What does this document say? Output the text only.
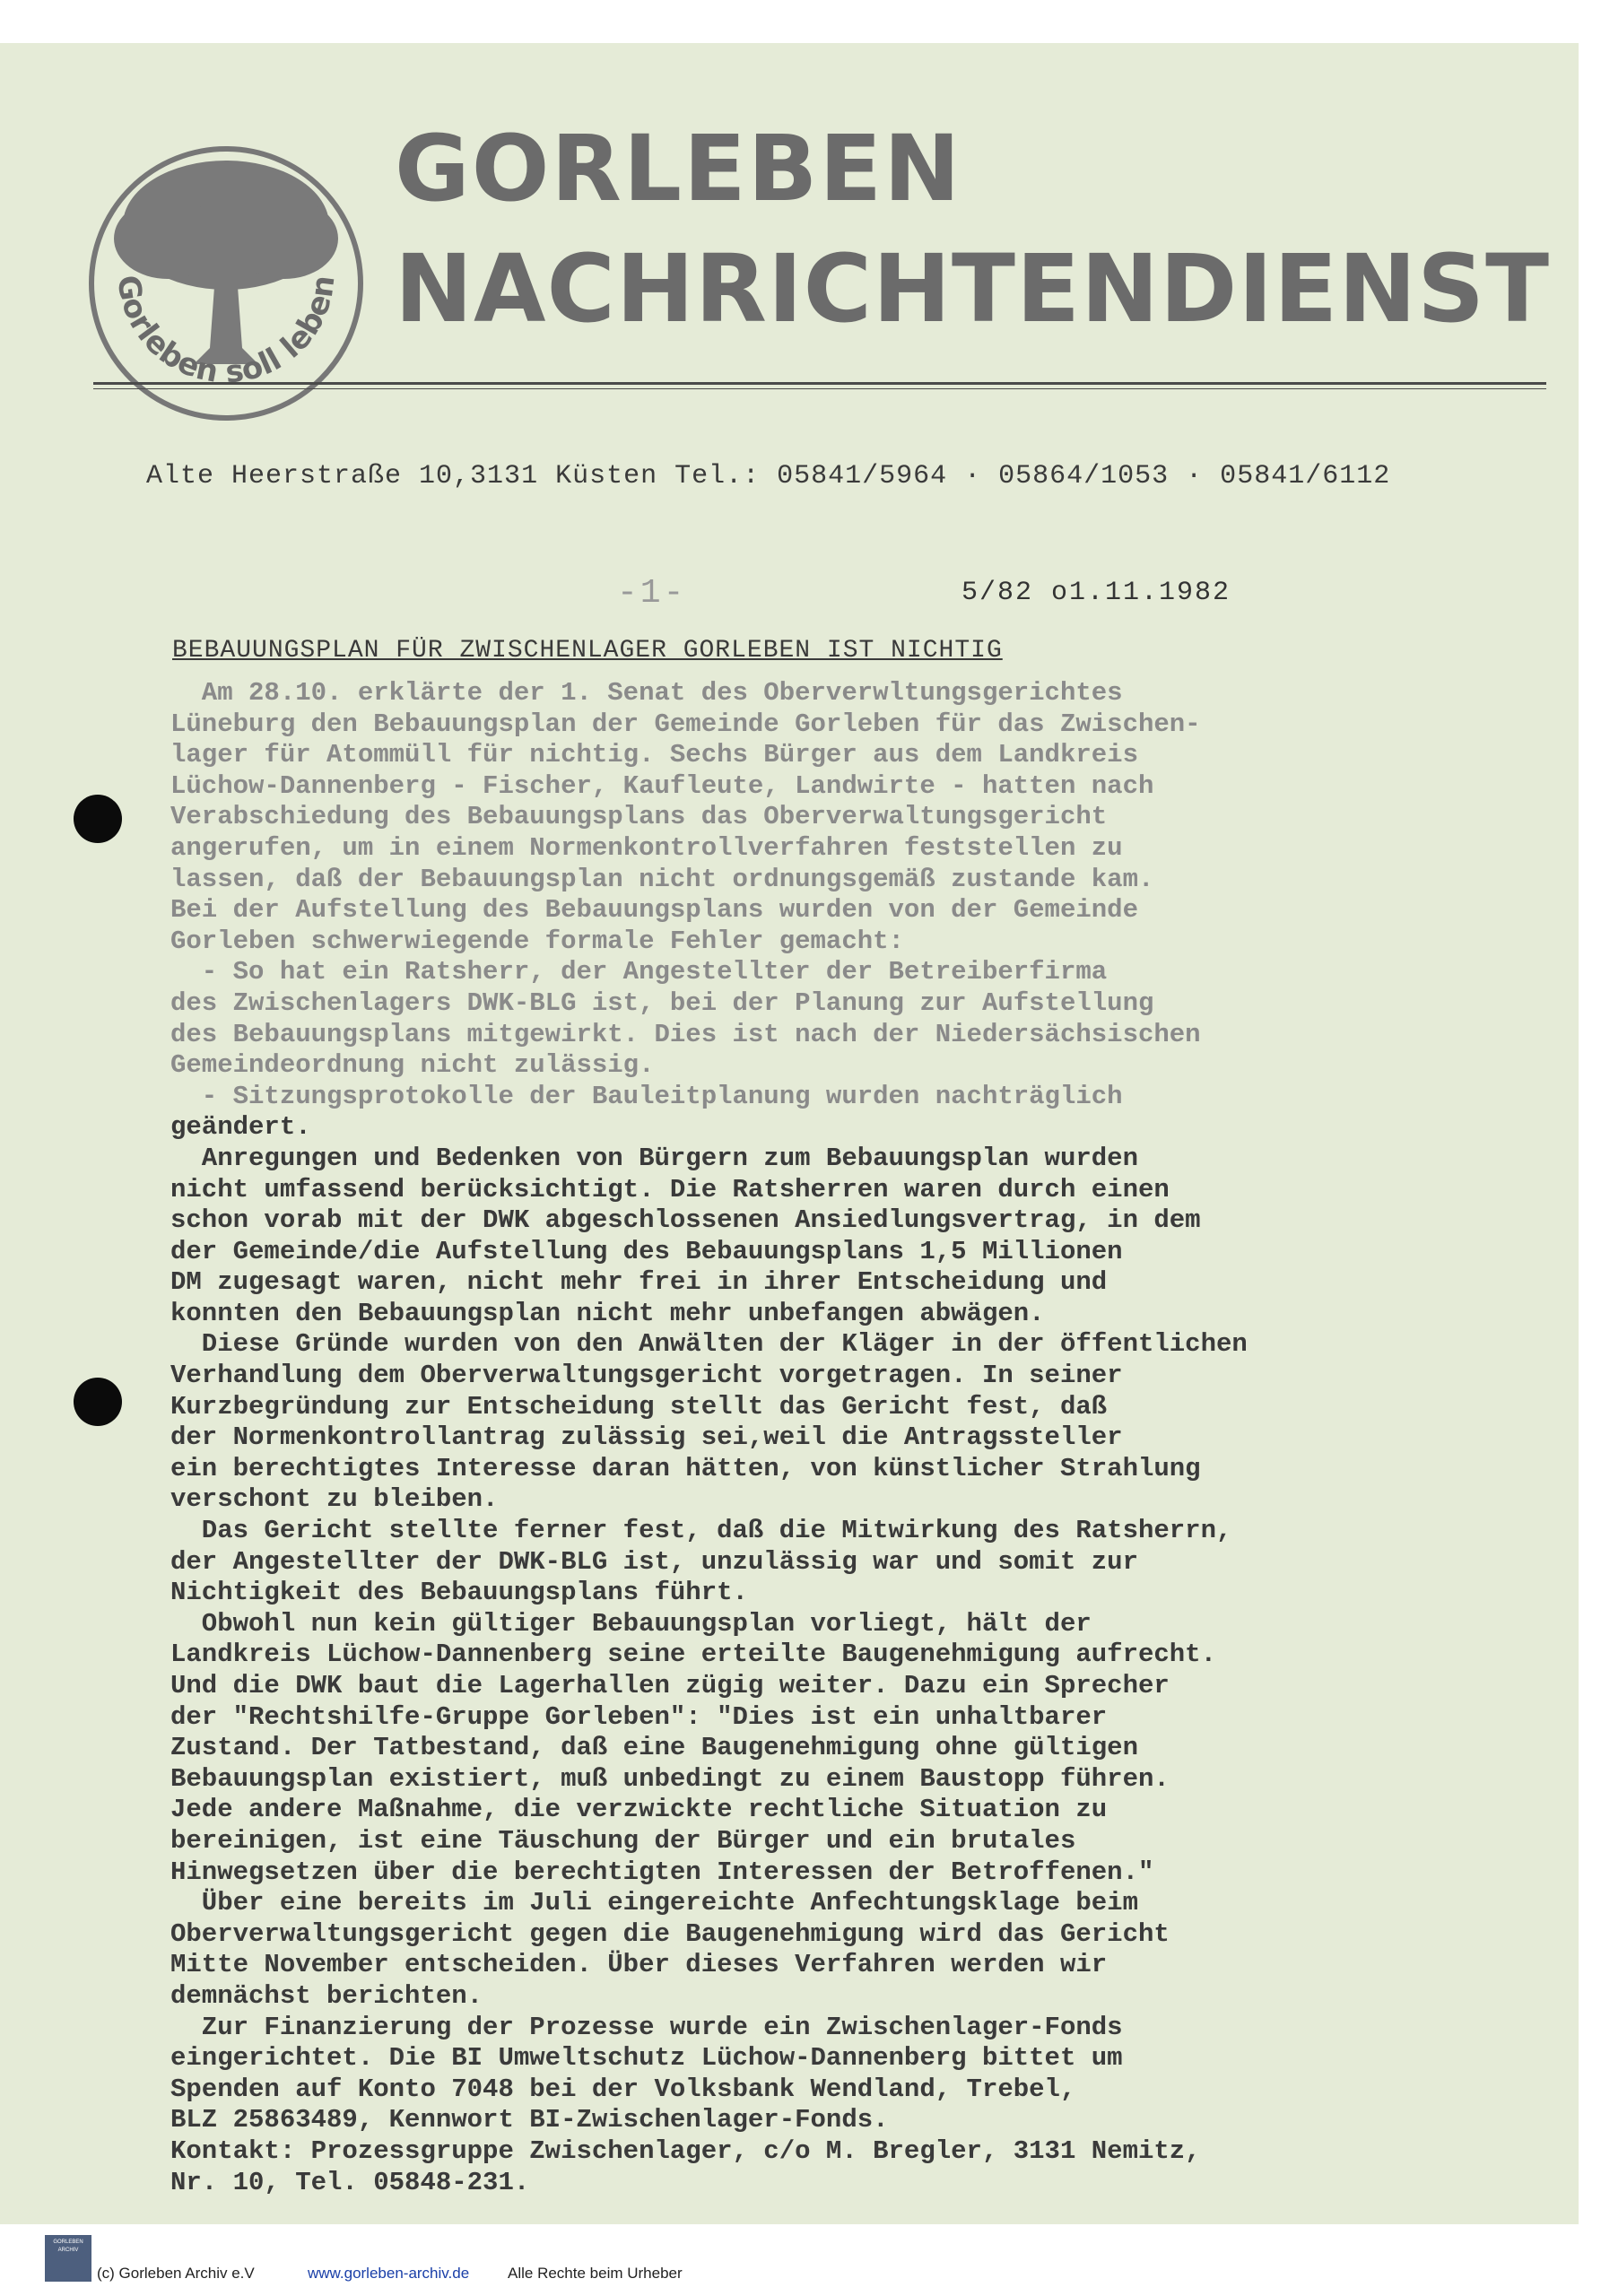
Gorleben soll leben
GORLEBEN
NACHRICHTENDIENST
Alte Heerstraße 10,3131 Küsten Tel.: 05841/5964 · 05864/1053 · 05841/6112
-1-	5/82 o1.11.1982
BEBAUUNGSPLAN FÜR ZWISCHENLAGER GORLEBEN IST NICHTIG
Am 28.10. erklärte der 1. Senat des Oberverwltungsgerichtes
Lüneburg den Bebauungsplan der Gemeinde Gorleben für das Zwischen-
lager für Atommüll für nichtig. Sechs Bürger aus dem Landkreis
Lüchow-Dannenberg - Fischer, Kaufleute, Landwirte - hatten nach
Verabschiedung des Bebauungsplans das Oberverwaltungsgericht
angerufen, um in einem Normenkontrollverfahren feststellen zu
lassen, daß der Bebauungsplan nicht ordnungsgemäß zustande kam.
Bei der Aufstellung des Bebauungsplans wurden von der Gemeinde
Gorleben schwerwiegende formale Fehler gemacht:
- So hat ein Ratsherr, der Angestellter der Betreiberfirma
des Zwischenlagers DWK-BLG ist, bei der Planung zur Aufstellung
des Bebauungsplans mitgewirkt. Dies ist nach der Niedersächsischen
Gemeindeordnung nicht zulässig.
- Sitzungsprotokolle der Bauleitplanung wurden nachträglich
geändert.
Anregungen und Bedenken von Bürgern zum Bebauungsplan wurden
nicht umfassend berücksichtigt. Die Ratsherren waren durch einen
schon vorab mit der DWK abgeschlossenen Ansiedlungsvertrag, in dem
der Gemeinde/die Aufstellung des Bebauungsplans 1,5 Millionen
DM zugesagt waren, nicht mehr frei in ihrer Entscheidung und
konnten den Bebauungsplan nicht mehr unbefangen abwägen.
Diese Gründe wurden von den Anwälten der Kläger in der öffentlichen
Verhandlung dem Oberverwaltungsgericht vorgetragen. In seiner
Kurzbegründung zur Entscheidung stellt das Gericht fest, daß
der Normenkontrollantrag zulässig sei,weil die Antragssteller
ein berechtigtes Interesse daran hätten, von künstlicher Strahlung
verschont zu bleiben.
Das Gericht stellte ferner fest, daß die Mitwirkung des Ratsherrn,
der Angestellter der DWK-BLG ist, unzulässig war und somit zur
Nichtigkeit des Bebauungsplans führt.
Obwohl nun kein gültiger Bebauungsplan vorliegt, hält der
Landkreis Lüchow-Dannenberg seine erteilte Baugenehmigung aufrecht.
Und die DWK baut die Lagerhallen zügig weiter. Dazu ein Sprecher
der "Rechtshilfe-Gruppe Gorleben": "Dies ist ein unhaltbarer
Zustand. Der Tatbestand, daß eine Baugenehmigung ohne gültigen
Bebauungsplan existiert, muß unbedingt zu einem Baustopp führen.
Jede andere Maßnahme, die verzwickte rechtliche Situation zu
bereinigen, ist eine Täuschung der Bürger und ein brutales
Hinwegsetzen über die berechtigten Interessen der Betroffenen."
Über eine bereits im Juli eingereichte Anfechtungsklage beim
Oberverwaltungsgericht gegen die Baugenehmigung wird das Gericht
Mitte November entscheiden. Über dieses Verfahren werden wir
demnächst berichten.
Zur Finanzierung der Prozesse wurde ein Zwischenlager-Fonds
eingerichtet. Die BI Umweltschutz Lüchow-Dannenberg bittet um
Spenden auf Konto 7048 bei der Volksbank Wendland, Trebel,
BLZ 25863489, Kennwort BI-Zwischenlager-Fonds.
Kontakt: Prozessgruppe Zwischenlager, c/o M. Bregler, 3131 Nemitz,
Nr. 10, Tel. 05848-231.
GORLEBEN ARCHIV
(c) Gorleben Archiv e.V	www.gorleben-archiv.de	Alle Rechte beim Urheber
